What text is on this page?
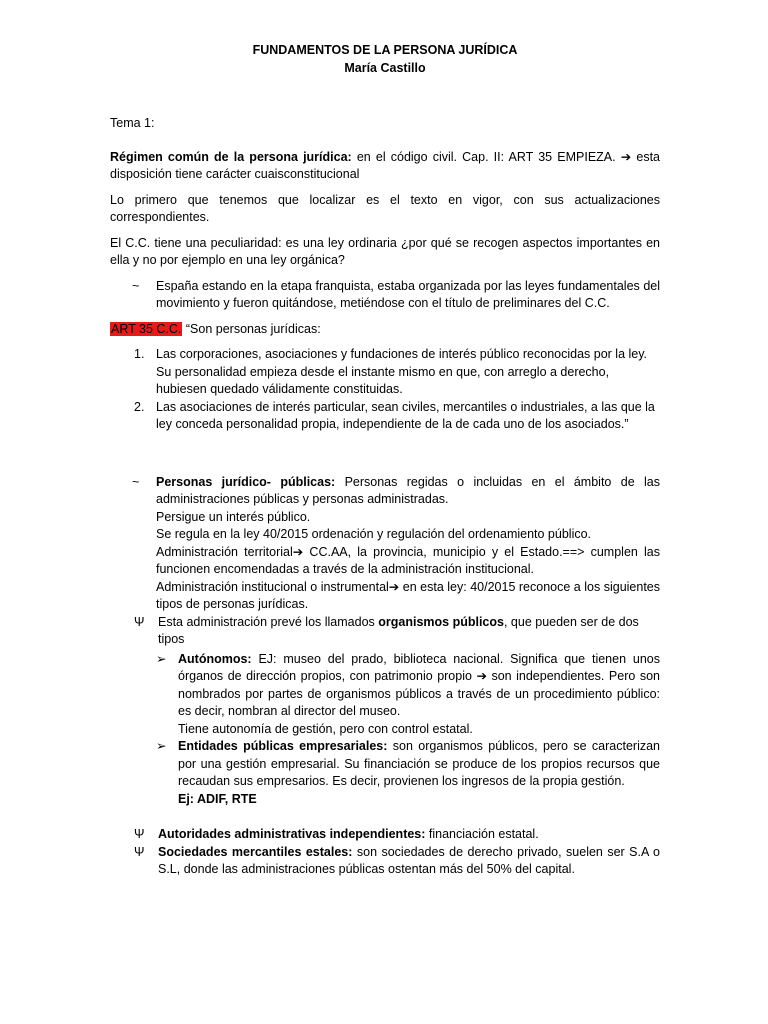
FUNDAMENTOS DE LA PERSONA JURÍDICA

María Castillo

Tema 1:

Régimen común de la persona jurídica: en el código civil. Cap. II: ART 35 EMPIEZA. ➔ esta disposición tiene carácter cuaisconstitucional

Lo primero que tenemos que localizar es el texto en vigor, con sus actualizaciones correspondientes.

El C.C. tiene una peculiaridad: es una ley ordinaria ¿por qué se recogen aspectos importantes en ella y no por ejemplo en una ley orgánica?

~	España estando en la etapa franquista, estaba organizada por las leyes fundamentales del movimiento y fueron quitándose, metiéndose con el título de preliminares del C.C.

ART 35 C.C. “Son personas jurídicas:

1. Las corporaciones, asociaciones y fundaciones de interés público reconocidas por la ley. Su personalidad empieza desde el instante mismo en que, con arreglo a derecho, hubiesen quedado válidamente constituidas.
2. Las asociaciones de interés particular, sean civiles, mercantiles o industriales, a las que la ley conceda personalidad propia, independiente de la de cada uno de los asociados.”
~	Personas jurídico- públicas: Personas regidas o incluidas en el ámbito de las administraciones públicas y personas administradas.
Persigue un interés público.
Se regula en la ley 40/2015 ordenación y regulación del ordenamiento público.
Administración territorial➔ CC.AA, la provincia, municipio y el Estado.==> cumplen las funcionen encomendadas a través de la administración institucional.
Administración institucional o instrumental➔ en esta ley: 40/2015 reconoce a los siguientes tipos de personas jurídicas.
Ψ	Esta administración prevé los llamados organismos públicos, que pueden ser de dos tipos
➢ Autónomos: EJ: museo del prado, biblioteca nacional. Significa que tienen unos órganos de dirección propios, con patrimonio propio ➔ son independientes. Pero son nombrados por partes de organismos públicos a través de un procedimiento público: es decir, nombran al director del museo.
Tiene autonomía de gestión, pero con control estatal.
➢ Entidades públicas empresariales: son organismos públicos, pero se caracterizan por una gestión empresarial. Su financiación se produce de los propios recursos que recaudan sus empresarios. Es decir, provienen los ingresos de la propia gestión.
Ej: ADIF, RTE
Ψ	Autoridades administrativas independientes: financiación estatal.
Ψ	Sociedades mercantiles estales: son sociedades de derecho privado, suelen ser S.A o S.L, donde las administraciones públicas ostentan más del 50% del capital.
